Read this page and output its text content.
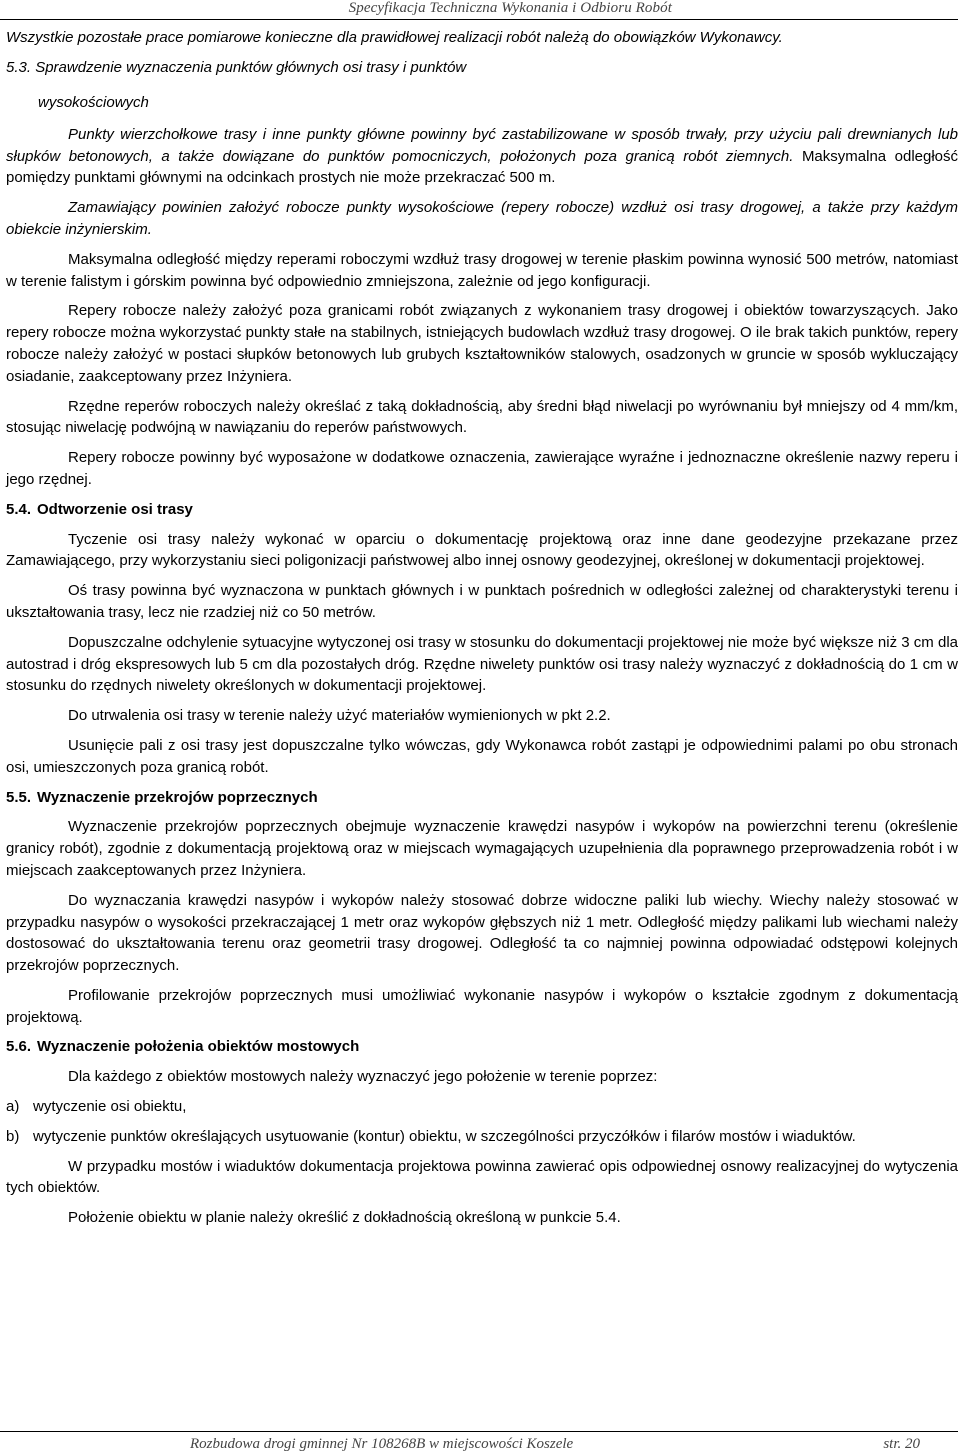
Specyfikacja Techniczna Wykonania i Odbioru Robót

Wszystkie pozostałe prace pomiarowe konieczne dla prawidłowej realizacji robót należą do obowiązków Wykonawcy.

5.3. Sprawdzenie wyznaczenia punktów głównych osi trasy i punktów
wysokościowych

Punkty wierzchołkowe trasy i inne punkty główne powinny być zastabilizowane w sposób trwały, przy użyciu pali drewnianych lub słupków betonowych, a także dowiązane do punktów pomocniczych, położonych poza granicą robót ziemnych. Maksymalna odległość pomiędzy punktami głównymi na odcinkach prostych nie może przekraczać 500 m.

Zamawiający powinien założyć robocze punkty wysokościowe (repery robocze) wzdłuż osi trasy drogowej, a także przy każdym obiekcie inżynierskim.

Maksymalna odległość między reperami roboczymi wzdłuż trasy drogowej w terenie płaskim powinna wynosić 500 metrów, natomiast w terenie falistym i górskim powinna być odpowiednio zmniejszona, zależnie od jego konfiguracji.

Repery robocze należy założyć poza granicami robót związanych z wykonaniem trasy drogowej i obiektów towarzyszących. Jako repery robocze można wykorzystać punkty stałe na stabilnych, istniejących budowlach wzdłuż trasy drogowej. O ile brak takich punktów, repery robocze należy założyć w postaci słupków betonowych lub grubych kształtowników stalowych, osadzonych w gruncie w sposób wykluczający osiadanie, zaakceptowany przez Inżyniera.

Rzędne reperów roboczych należy określać z taką dokładnością, aby średni błąd niwelacji po wyrównaniu był mniejszy od 4 mm/km, stosując niwelację podwójną w nawiązaniu do reperów państwowych.

Repery robocze powinny być wyposażone w dodatkowe oznaczenia, zawierające wyraźne i jednoznaczne określenie nazwy reperu i jego rzędnej.

5.4. Odtworzenie osi trasy

Tyczenie osi trasy należy wykonać w oparciu o dokumentację projektową oraz inne dane geodezyjne przekazane przez Zamawiającego, przy wykorzystaniu sieci poligonizacji państwowej albo innej osnowy geodezyjnej, określonej w dokumentacji projektowej.

Oś trasy powinna być wyznaczona w punktach głównych i w punktach pośrednich w odległości zależnej od charakterystyki terenu i ukształtowania trasy, lecz nie rzadziej niż co 50 metrów.

Dopuszczalne odchylenie sytuacyjne wytyczonej osi trasy w stosunku do dokumentacji projektowej nie może być większe niż 3 cm dla autostrad i dróg ekspresowych lub 5 cm dla pozostałych dróg. Rzędne niwelety punktów osi trasy należy wyznaczyć z dokładnością do 1 cm w stosunku do rzędnych niwelety określonych w dokumentacji projektowej.

Do utrwalenia osi trasy w terenie należy użyć materiałów wymienionych w pkt 2.2.

Usunięcie pali z osi trasy jest dopuszczalne tylko wówczas, gdy Wykonawca robót zastąpi je odpowiednimi palami po obu stronach osi, umieszczonych poza granicą robót.

5.5. Wyznaczenie przekrojów poprzecznych

Wyznaczenie przekrojów poprzecznych obejmuje wyznaczenie krawędzi nasypów i wykopów na powierzchni terenu (określenie granicy robót), zgodnie z dokumentacją projektową oraz w miejscach wymagających uzupełnienia dla poprawnego przeprowadzenia robót i w miejscach zaakceptowanych przez Inżyniera.

Do wyznaczania krawędzi nasypów i wykopów należy stosować dobrze widoczne paliki lub wiechy. Wiechy należy stosować w przypadku nasypów o wysokości przekraczającej 1 metr oraz wykopów głębszych niż 1 metr. Odległość między palikami lub wiechami należy dostosować do ukształtowania terenu oraz geometrii trasy drogowej. Odległość ta co najmniej powinna odpowiadać odstępowi kolejnych przekrojów poprzecznych.

Profilowanie przekrojów poprzecznych musi umożliwiać wykonanie nasypów i wykopów o kształcie zgodnym z dokumentacją projektową.

5.6. Wyznaczenie położenia obiektów mostowych

Dla każdego z obiektów mostowych należy wyznaczyć jego położenie w terenie poprzez:

a) wytyczenie osi obiektu,
b) wytyczenie punktów określających usytuowanie (kontur) obiektu, w szczególności przyczółków i filarów mostów i wiaduktów.

W przypadku mostów i wiaduktów dokumentacja projektowa powinna zawierać opis odpowiednej osnowy realizacyjnej do wytyczenia tych obiektów.

Położenie obiektu w planie należy określić z dokładnością określoną w punkcie 5.4.

Rozbudowa drogi gminnej Nr 108268B w miejscowości Koszele	str. 20
